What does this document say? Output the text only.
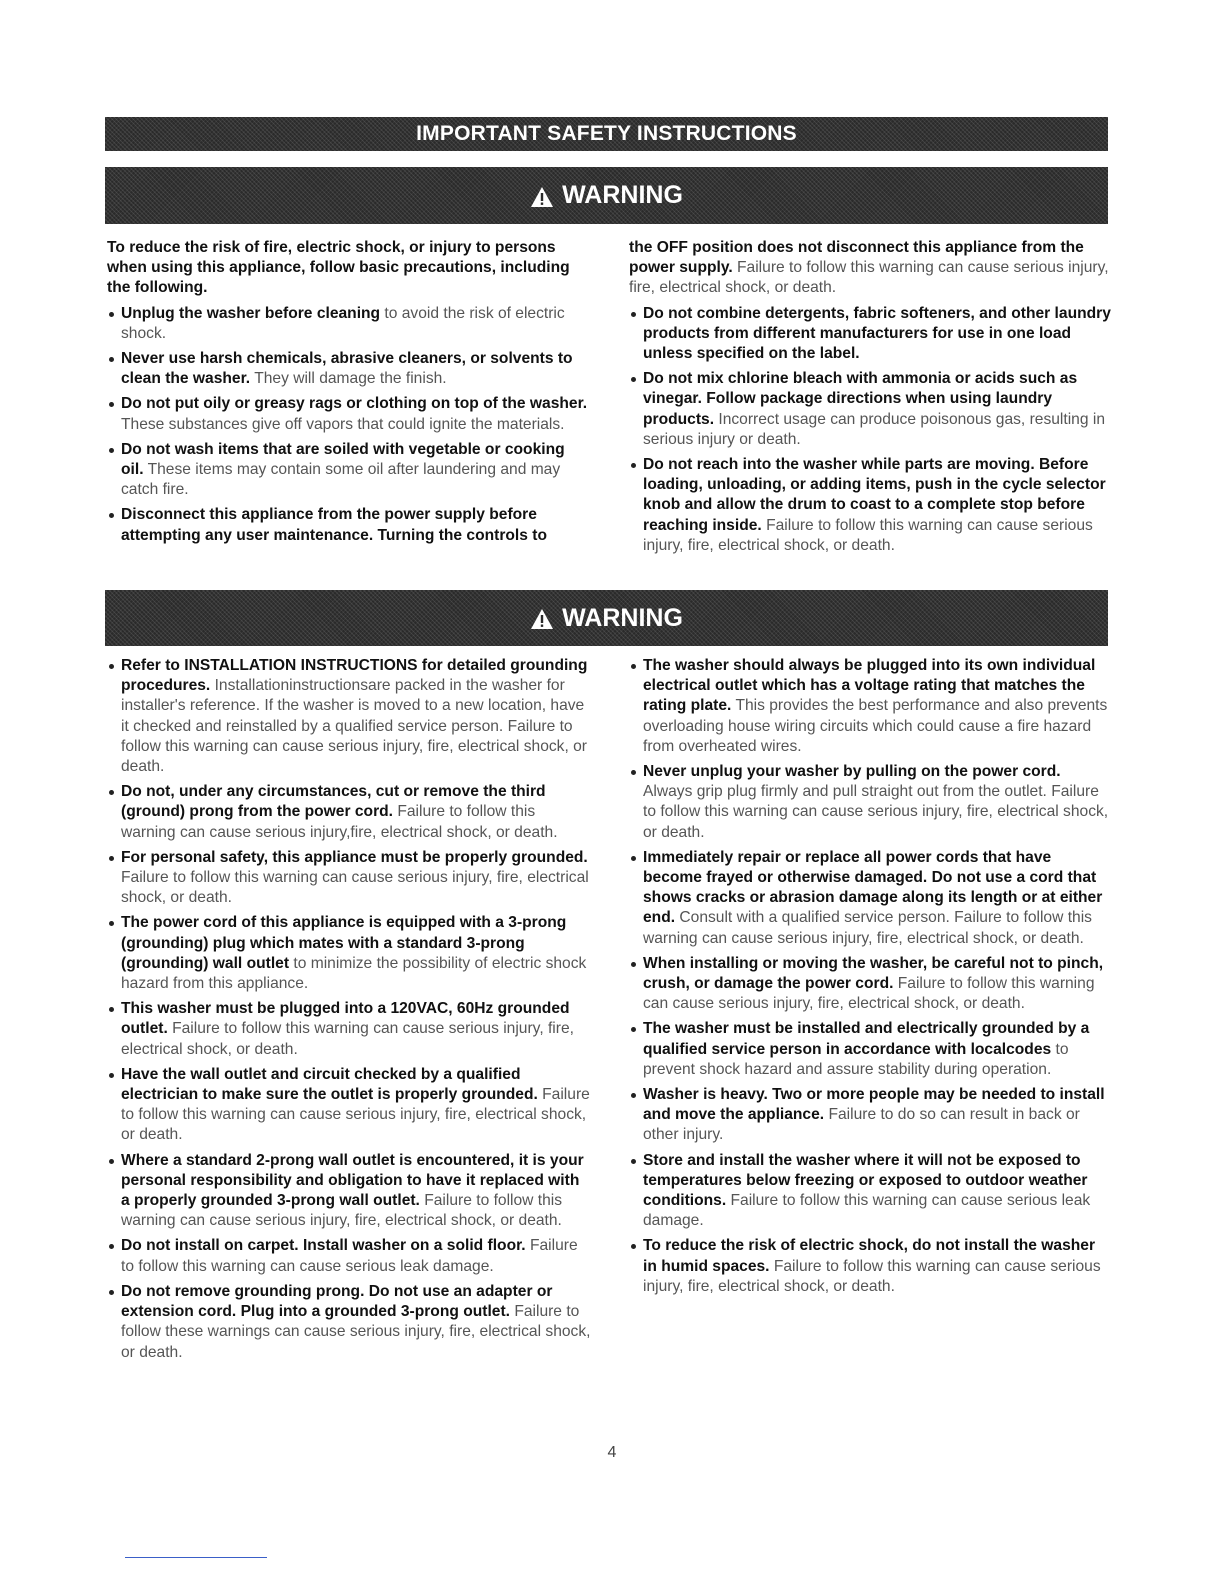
IMPORTANT SAFETY INSTRUCTIONS
WARNING

To reduce the risk of fire, electric shock, or injury to persons when using this appliance, follow basic precautions, including the following.

Unplug the washer before cleaning to avoid the risk of electric shock.

Never use harsh chemicals, abrasive cleaners, or solvents to clean the washer. They will damage the finish.

Do not put oily or greasy rags or clothing on top of the washer. These substances give off vapors that could ignite the materials.

Do not wash items that are soiled with vegetable or cooking oil. These items may contain some oil after laundering and may catch fire.

Disconnect this appliance from the power supply before attempting any user maintenance. Turning the controls to

the OFF position does not disconnect this appliance from the power supply. Failure to follow this warning can cause serious injury, fire, electrical shock, or death.

Do not combine detergents, fabric softeners, and other laundry products from different manufacturers for use in one load unless specified on the label.

Do not mix chlorine bleach with ammonia or acids such as vinegar. Follow package directions when using laundry products. Incorrect usage can produce poisonous gas, resulting in serious injury or death.

Do not reach into the washer while parts are moving. Before loading, unloading, or adding items, push in the cycle selector knob and allow the drum to coast to a complete stop before reaching inside. Failure to follow this warning can cause serious injury, fire, electrical shock, or death.

WARNING

Refer to INSTALLATION INSTRUCTIONS for detailed grounding procedures. Installationinstructionsare packed in the washer for installer's reference. If the washer is moved to a new location, have it checked and reinstalled by a qualified service person. Failure to follow this warning can cause serious injury, fire, electrical shock, or death.

Do not, under any circumstances, cut or remove the third (ground) prong from the power cord. Failure to follow this warning can cause serious injury,fire, electrical shock, or death.

For personal safety, this appliance must be properly grounded. Failure to follow this warning can cause serious injury, fire, electrical shock, or death.

The power cord of this appliance is equipped with a 3-prong (grounding) plug which mates with a standard 3-prong (grounding) wall outlet to minimize the possibility of electric shock hazard from this appliance.

This washer must be plugged into a 120VAC, 60Hz grounded outlet. Failure to follow this warning can cause serious injury, fire, electrical shock, or death.

Have the wall outlet and circuit checked by a qualified electrician to make sure the outlet is properly grounded. Failure to follow this warning can cause serious injury, fire, electrical shock, or death.

Where a standard 2-prong wall outlet is encountered, it is your personal responsibility and obligation to have it replaced with a properly grounded 3-prong wall outlet. Failure to follow this warning can cause serious injury, fire, electrical shock, or death.

Do not install on carpet. Install washer on a solid floor. Failure to follow this warning can cause serious leak damage.

Do not remove grounding prong. Do not use an adapter or extension cord. Plug into a grounded 3-prong outlet. Failure to follow these warnings can cause serious injury, fire, electrical shock, or death.

The washer should always be plugged into its own individual electrical outlet which has a voltage rating that matches the rating plate. This provides the best performance and also prevents overloading house wiring circuits which could cause a fire hazard from overheated wires.

Never unplug your washer by pulling on the power cord. Always grip plug firmly and pull straight out from the outlet. Failure to follow this warning can cause serious injury, fire, electrical shock, or death.

Immediately repair or replace all power cords that have become frayed or otherwise damaged. Do not use a cord that shows cracks or abrasion damage along its length or at either end. Consult with a qualified service person. Failure to follow this warning can cause serious injury, fire, electrical shock, or death.

When installing or moving the washer, be careful not to pinch, crush, or damage the power cord. Failure to follow this warning can cause serious injury, fire, electrical shock, or death.

The washer must be installed and electrically grounded by a qualified service person in accordance with localcodes to prevent shock hazard and assure stability during operation.

Washer is heavy. Two or more people may be needed to install and move the appliance. Failure to do so can result in back or other injury.

Store and install the washer where it will not be exposed to temperatures below freezing or exposed to outdoor weather conditions. Failure to follow this warning can cause serious leak damage.

To reduce the risk of electric shock, do not install the washer in humid spaces. Failure to follow this warning can cause serious injury, fire, electrical shock, or death.

4
